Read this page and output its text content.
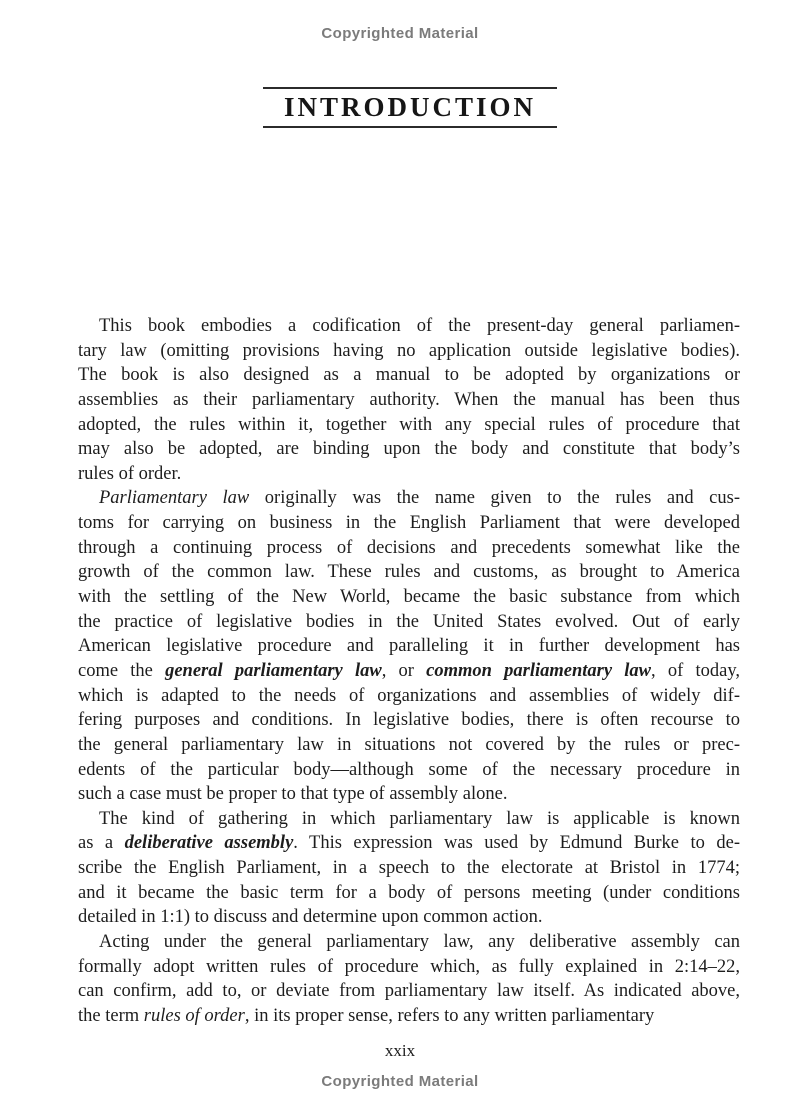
Copyrighted Material
INTRODUCTION
This book embodies a codification of the present-day general parliamen-
tary law (omitting provisions having no application outside legislative bodies).
The book is also designed as a manual to be adopted by organizations or
assemblies as their parliamentary authority. When the manual has been thus
adopted, the rules within it, together with any special rules of procedure that
may also be adopted, are binding upon the body and constitute that body’s
rules of order.
Parliamentary law originally was the name given to the rules and cus-
toms for carrying on business in the English Parliament that were developed
through a continuing process of decisions and precedents somewhat like the
growth of the common law. These rules and customs, as brought to America
with the settling of the New World, became the basic substance from which
the practice of legislative bodies in the United States evolved. Out of early
American legislative procedure and paralleling it in further development has
come the general parliamentary law, or common parliamentary law, of today,
which is adapted to the needs of organizations and assemblies of widely dif-
fering purposes and conditions. In legislative bodies, there is often recourse to
the general parliamentary law in situations not covered by the rules or prec-
edents of the particular body—although some of the necessary procedure in
such a case must be proper to that type of assembly alone.
The kind of gathering in which parliamentary law is applicable is known
as a deliberative assembly. This expression was used by Edmund Burke to de-
scribe the English Parliament, in a speech to the electorate at Bristol in 1774;
and it became the basic term for a body of persons meeting (under conditions
detailed in 1:1) to discuss and determine upon common action.
Acting under the general parliamentary law, any deliberative assembly can
formally adopt written rules of procedure which, as fully explained in 2:14–22,
can confirm, add to, or deviate from parliamentary law itself. As indicated above,
the term rules of order, in its proper sense, refers to any written parliamentary
xxix
Copyrighted Material
